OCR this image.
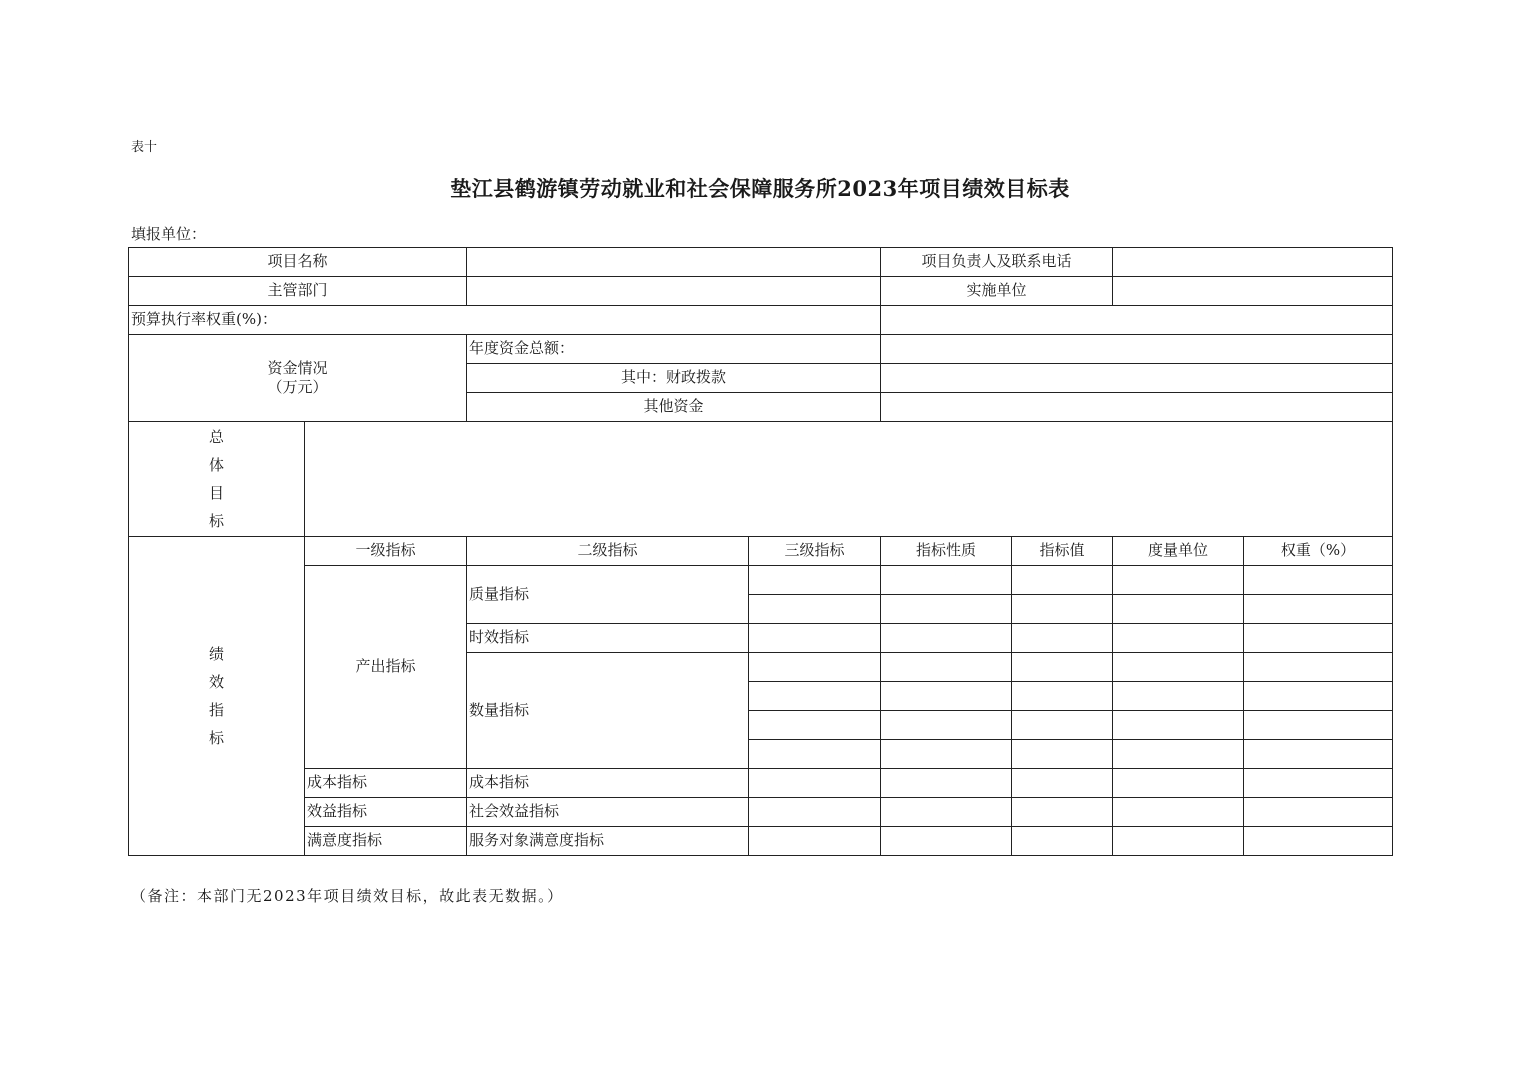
表十
垫江县鹤游镇劳动就业和社会保障服务所2023年项目绩效目标表
填报单位：
项目名称				项目负责人及联系电话			
主管部门				实施单位			
预算执行率权重(%)：							

资金情况
（万元）		年度资金总额：					
		其中：财政拨款					
		其他资金					

总
体
目
标							

绩
效
指
标	一级指标	二级指标	三级指标	指标性质	指标值	度量单位	权重（%）
	产出指标	质量指标					

		时效指标					
		数量指标					

	成本指标	成本指标					
	效益指标	社会效益指标					
	满意度指标	服务对象满意度指标					
（备注：本部门无2023年项目绩效目标，故此表无数据。）
